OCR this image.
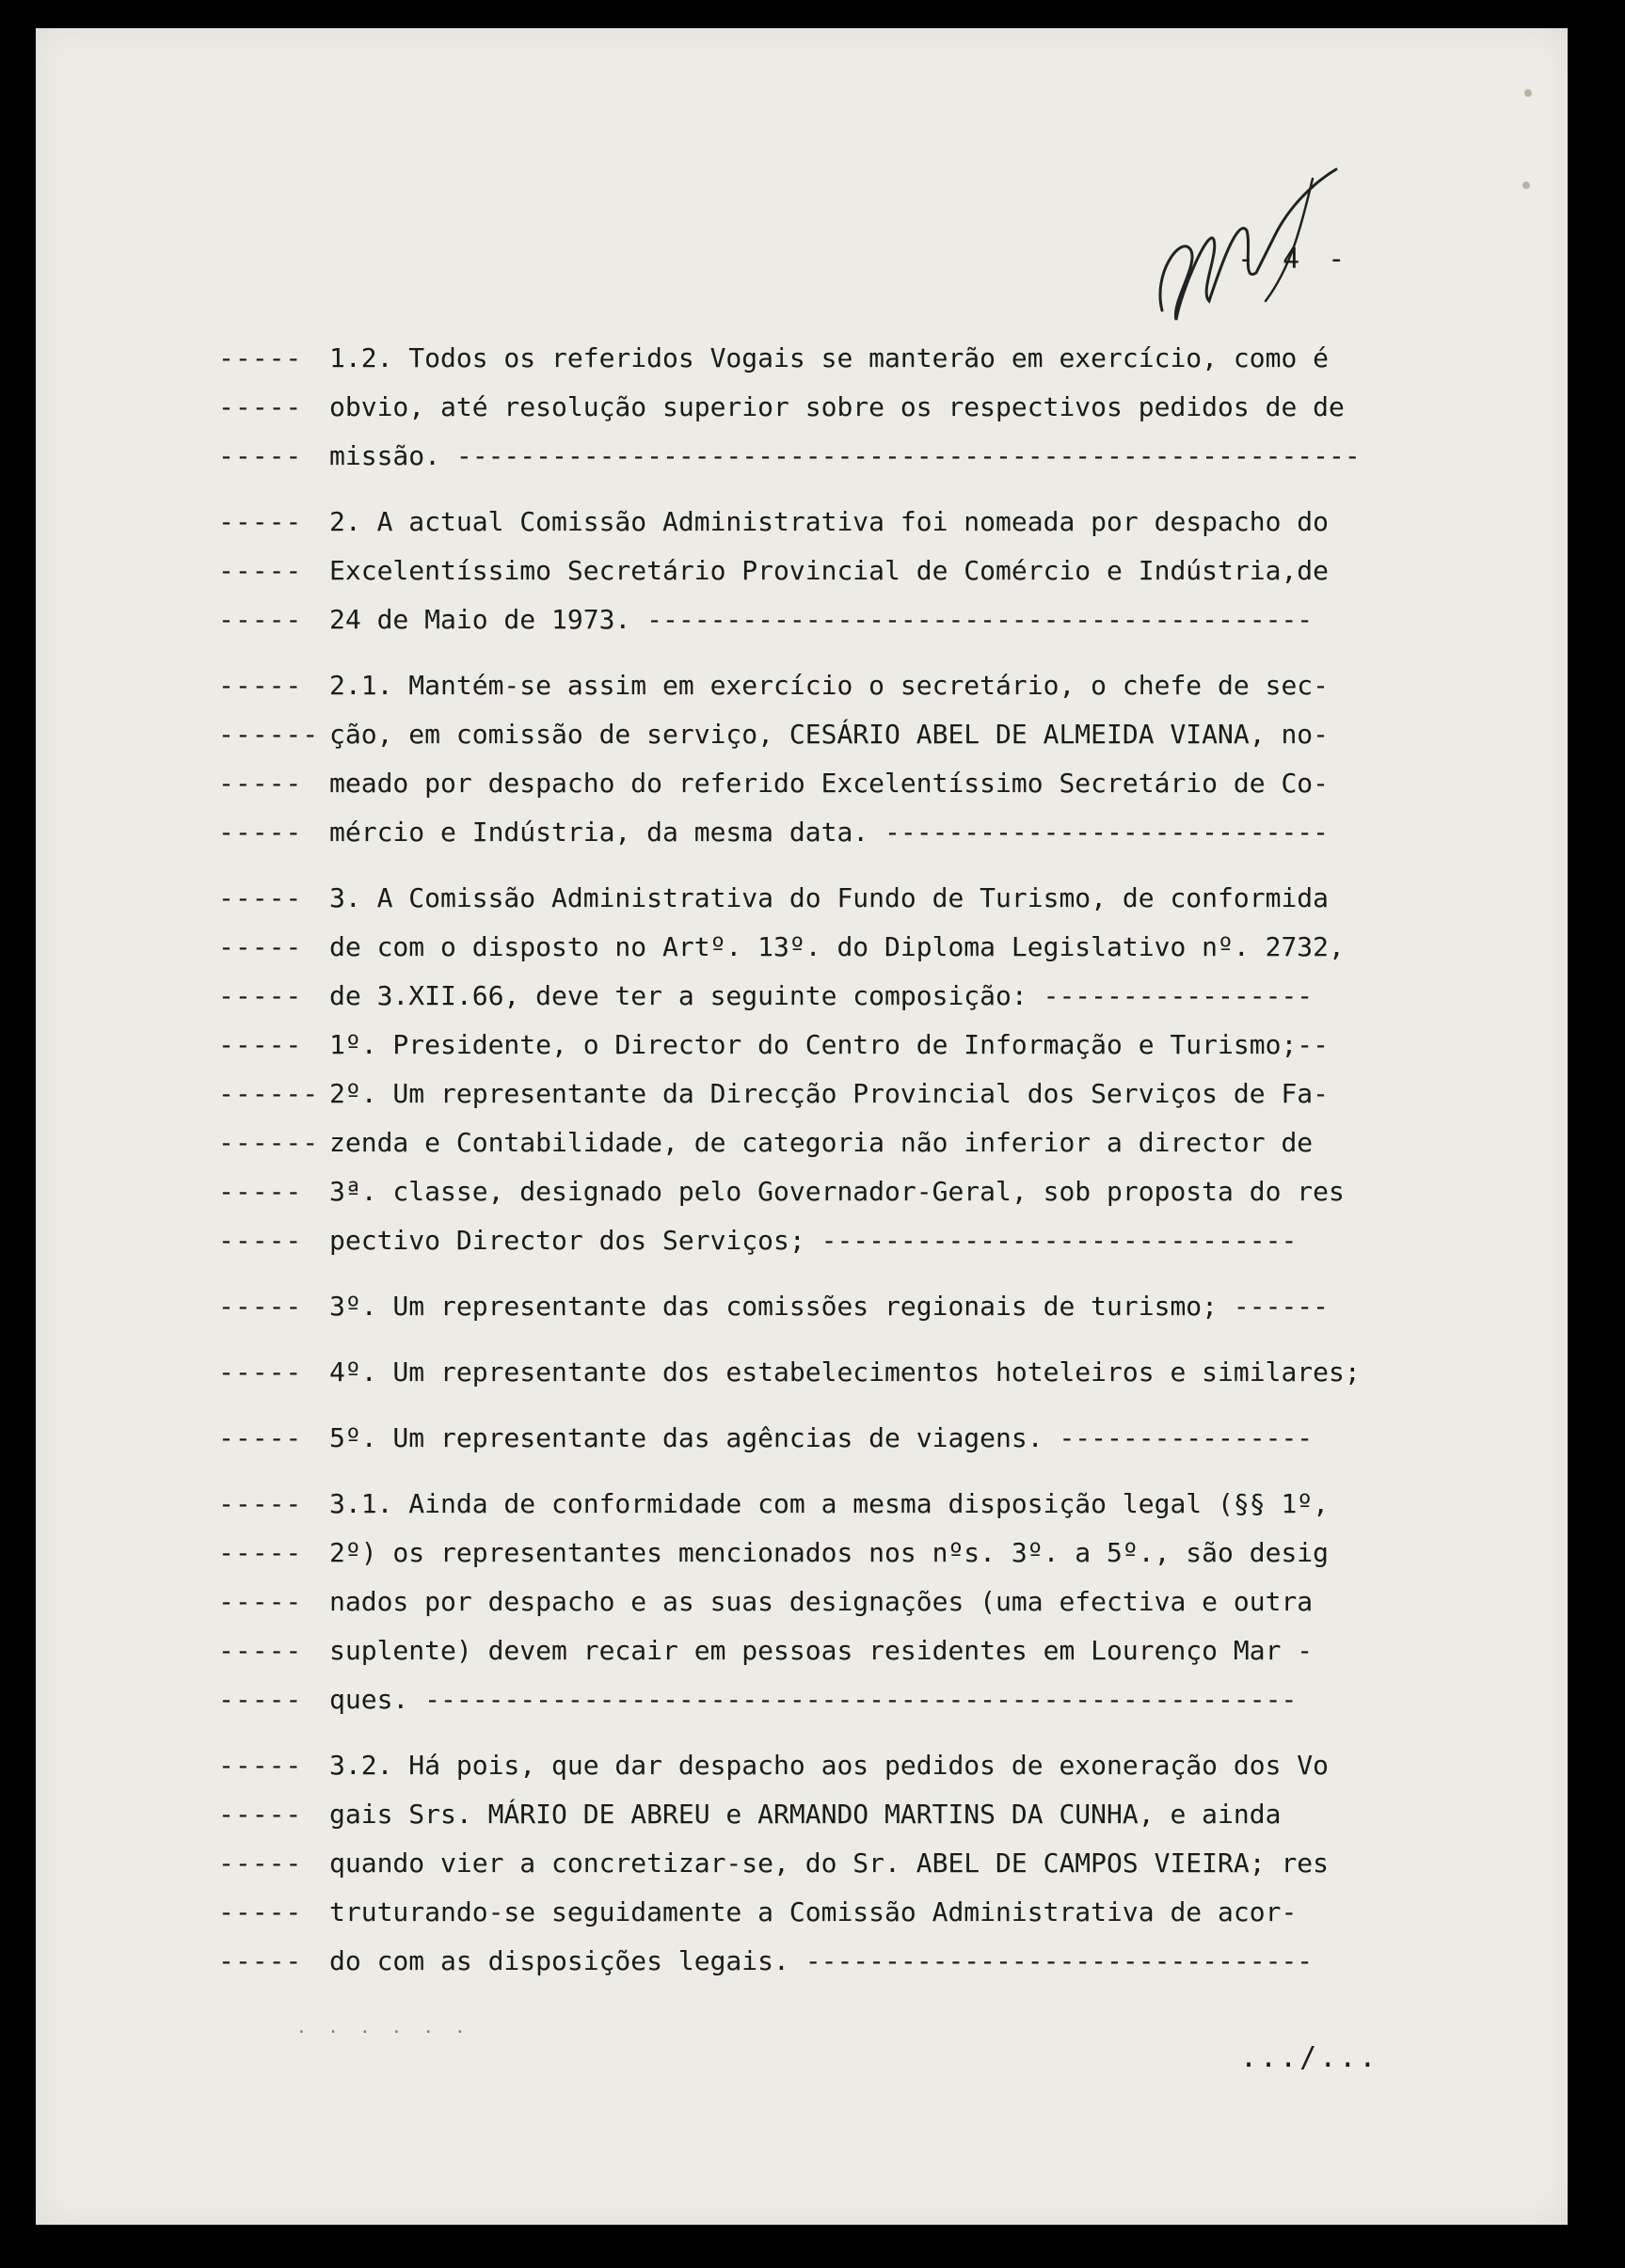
- 4 -
----- 1.2. Todos os referidos Vogais se manterão em exercício, como é
----- obvio, até resolução superior sobre os respectivos pedidos de de
----- missão. ---------------------------------------------------------
----- 2. A actual Comissão Administrativa foi nomeada por despacho do
----- Excelentíssimo Secretário Provincial de Comércio e Indústria,de
----- 24 de Maio de 1973. ------------------------------------------
----- 2.1. Mantém-se assim em exercício o secretário, o chefe de sec-
------ ção, em comissão de serviço, CESÁRIO ABEL DE ALMEIDA VIANA, no-
----- meado por despacho do referido Excelentíssimo Secretário de Co-
----- mércio e Indústria, da mesma data. ----------------------------
----- 3. A Comissão Administrativa do Fundo de Turismo, de conformida
----- de com o disposto no Artº. 13º. do Diploma Legislativo nº. 2732,
----- de 3.XII.66, deve ter a seguinte composição: -----------------
----- 1º. Presidente, o Director do Centro de Informação e Turismo;--
------ 2º. Um representante da Direcção Provincial dos Serviços de Fa-
------ zenda e Contabilidade, de categoria não inferior a director de
----- 3ª. classe, designado pelo Governador-Geral, sob proposta do res
----- pectivo Director dos Serviços; ------------------------------
----- 3º. Um representante das comissões regionais de turismo; ------
----- 4º. Um representante dos estabelecimentos hoteleiros e similares;
----- 5º. Um representante das agências de viagens. ----------------
----- 3.1. Ainda de conformidade com a mesma disposição legal (§§ 1º,
----- 2º) os representantes mencionados nos nºs. 3º. a 5º., são desig
----- nados por despacho e as suas designações (uma efectiva e outra
----- suplente) devem recair em pessoas residentes em Lourenço Mar -
----- ques. -------------------------------------------------------
----- 3.2. Há pois, que dar despacho aos pedidos de exoneração dos Vo
----- gais Srs. MÁRIO DE ABREU e ARMANDO MARTINS DA CUNHA, e ainda
----- quando vier a concretizar-se, do Sr. ABEL DE CAMPOS VIEIRA; res
----- truturando-se seguidamente a Comissão Administrativa de acor-
----- do com as disposições legais. --------------------------------
· · · · · ·
.../...
